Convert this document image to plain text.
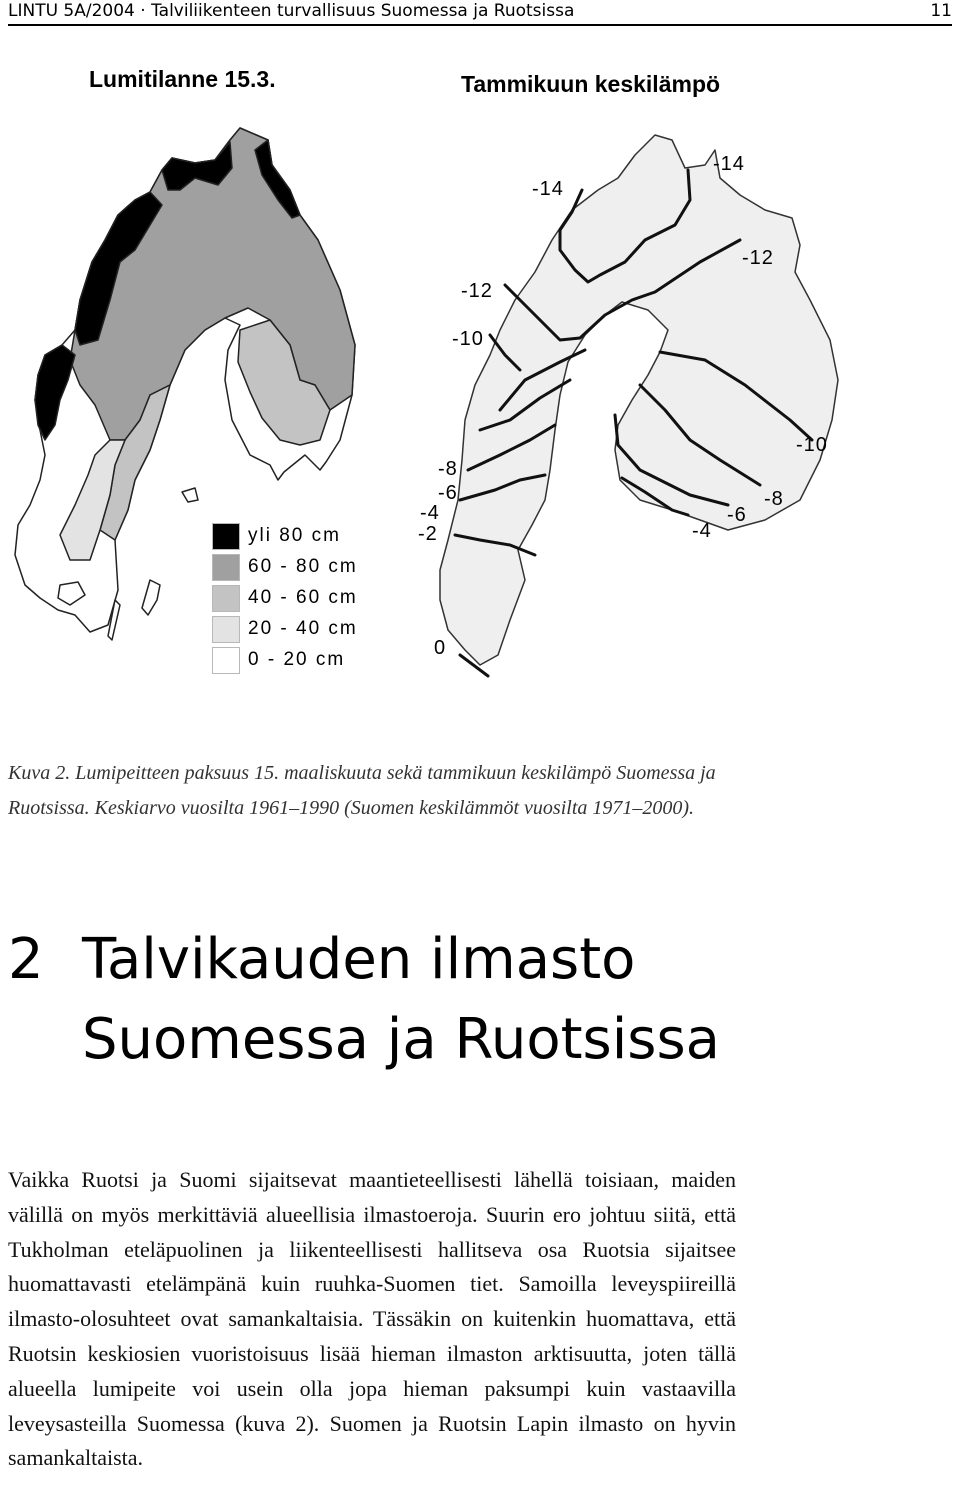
LINTU 5A/2004 · Talviliikenteen turvallisuus Suomessa ja Ruotsissa	11
Lumitilanne 15.3.	Tammikuun keskilämpö
yli 80 cm
60 - 80 cm
40 - 60 cm
20 - 40 cm
0 - 20 cm
-14
-14
-12
-12
-10
-10
-8
-6
-4
-2
-8
-6
-4
0

Kuva 2. Lumipeitteen paksuus 15. maaliskuuta sekä tammikuun keskilämpö Suomessa ja Ruotsissa. Keskiarvo vuosilta 1961–1990 (Suomen keskilämmöt vuosilta 1971–2000).

2 Talvikauden ilmasto
Suomessa ja Ruotsissa

Vaikka Ruotsi ja Suomi sijaitsevat maantieteellisesti lähellä toisiaan, maiden välillä on myös merkittäviä alueellisia ilmastoeroja. Suurin ero johtuu siitä, että Tukholman eteläpuolinen ja liikenteellisesti hallitseva osa Ruotsia sijaitsee huomattavasti etelämpänä kuin ruuhka-Suomen tiet. Samoilla leveyspiireillä ilmasto-olosuhteet ovat samankaltaisia. Tässäkin on kuitenkin huomattava, että Ruotsin keskiosien vuoristoisuus lisää hieman ilmaston arktisuutta, joten tällä alueella lumipeite voi usein olla jopa hieman paksumpi kuin vastaavilla leveysasteilla Suomessa (kuva 2). Suomen ja Ruotsin Lapin ilmasto on hyvin samankaltaista.
